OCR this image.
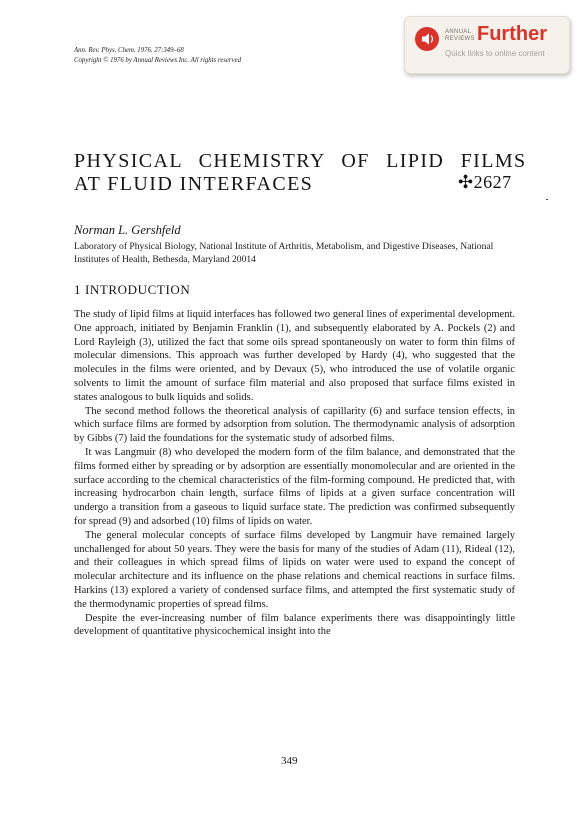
Ann. Rev. Phys. Chem. 1976. 27:349–68
Copyright © 1976 by Annual Reviews Inc. All rights reserved
ANNUAL
REVIEWS Further
Quick links to online content
PHYSICAL CHEMISTRY OF LIPID FILMS
AT FLUID INTERFACES	✣2627
Norman L. Gershfeld
Laboratory of Physical Biology, National Institute of Arthritis, Metabolism, and Digestive Diseases, National Institutes of Health, Bethesda, Maryland 20014
1 INTRODUCTION

The study of lipid films at liquid interfaces has followed two general lines of experimental development. One approach, initiated by Benjamin Franklin (1), and subsequently elaborated by A. Pockels (2) and Lord Rayleigh (3), utilized the fact that some oils spread spontaneously on water to form thin films of molecular dimensions. This approach was further developed by Hardy (4), who suggested that the molecules in the films were oriented, and by Devaux (5), who introduced the use of volatile organic solvents to limit the amount of surface film material and also proposed that surface films existed in states analogous to bulk liquids and solids.

The second method follows the theoretical analysis of capillarity (6) and surface tension effects, in which surface films are formed by adsorption from solution. The thermodynamic analysis of adsorption by Gibbs (7) laid the foundations for the systematic study of adsorbed films.

It was Langmuir (8) who developed the modern form of the film balance, and demonstrated that the films formed either by spreading or by adsorption are essentially monomolecular and are oriented in the surface according to the chemical characteristics of the film-forming compound. He predicted that, with increasing hydrocarbon chain length, surface films of lipids at a given surface concentration will undergo a transition from a gaseous to liquid surface state. The prediction was confirmed subsequently for spread (9) and adsorbed (10) films of lipids on water.

The general molecular concepts of surface films developed by Langmuir have remained largely unchallenged for about 50 years. They were the basis for many of the studies of Adam (11), Rideal (12), and their colleagues in which spread films of lipids on water were used to expand the concept of molecular architecture and its influence on the phase relations and chemical reactions in surface films. Harkins (13) explored a variety of condensed surface films, and attempted the first systematic study of the thermodynamic properties of spread films.

Despite the ever-increasing number of film balance experiments there was disappointingly little development of quantitative physicochemical insight into the

349
